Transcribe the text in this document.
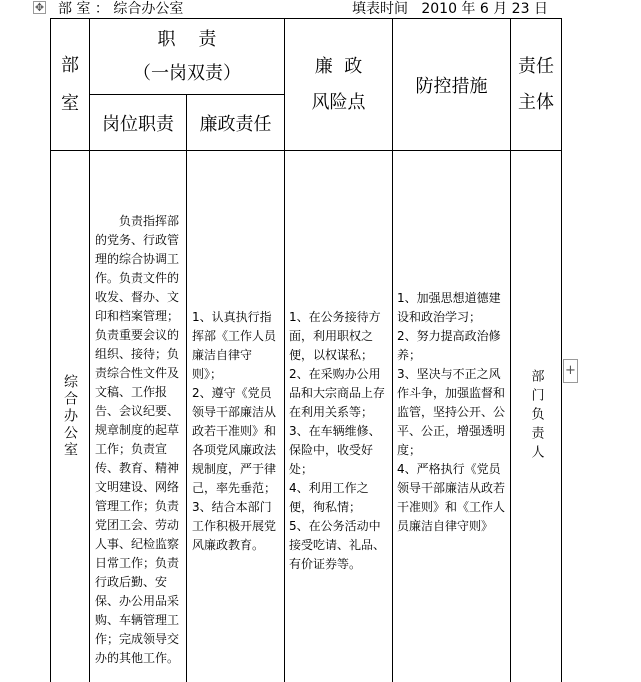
✥ 部 室 ： 综合办公室	填表时间   2010 年 6 月 23 日
部
室
职    责
（一岗双责）
岗位职责	廉政责任
廉  政
风险点
防控措施
责任
主体
综合办公室
负责指挥部的党务、行政管理的综合协调工作。负责文件的收发、督办、文印和档案管理；负责重要会议的组织、接待；负责综合性文件及文稿、工作报告、会议纪要、规章制度的起草工作；负责宣传、教育、精神文明建设、网络管理工作；负责党团工会、劳动人事、纪检监察日常工作；负责行政后勤、安保、办公用品采购、车辆管理工作；完成领导交办的其他工作。
1、认真执行指挥部《工作人员廉洁自律守则》；
2、遵守《党员领导干部廉洁从政若干准则》和各项党风廉政法规制度，严于律己，率先垂范；
3、结合本部门工作积极开展党风廉政教育。
1、在公务接待方面，利用职权之便，以权谋私；
2、在采购办公用品和大宗商品上存在利用关系等；
3、在车辆维修、保险中，收受好处；
4、利用工作之便，徇私情；
5、在公务活动中接受吃请、礼品、有价证券等。
1、加强思想道德建设和政治学习；
2、努力提高政治修养；
3、坚决与不正之风作斗争，加强监督和监管，坚持公开、公平、公正，增强透明度；
4、严格执行《党员领导干部廉洁从政若干准则》和《工作人员廉洁自律守则》
部门负责人 +
